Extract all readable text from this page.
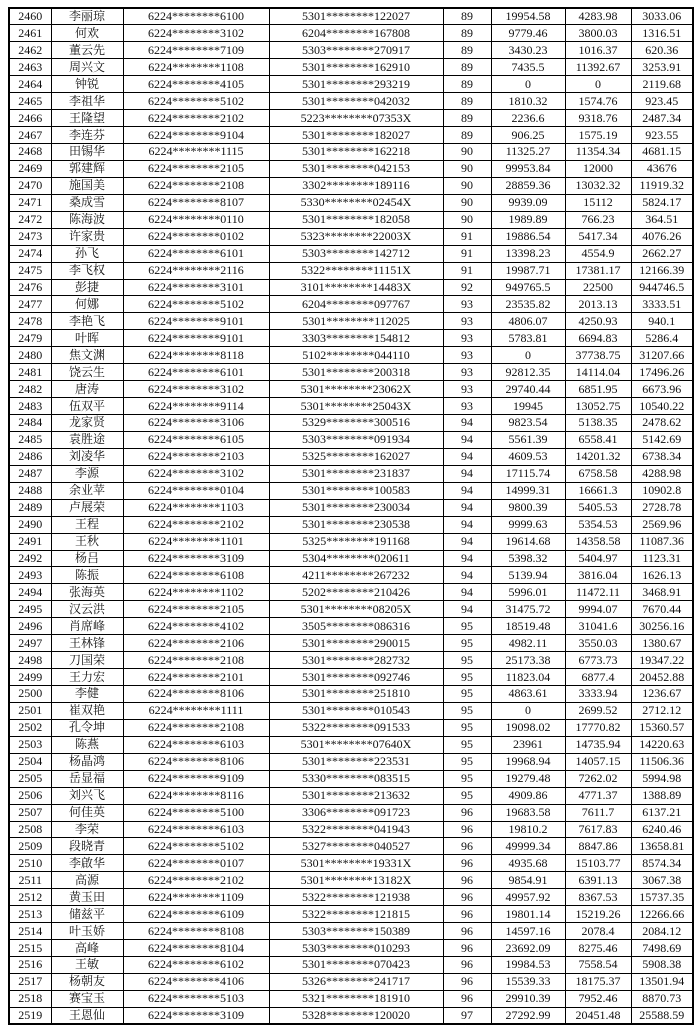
2460	李丽琼	6224********6100	5301********122027	89	19954.58	4283.98	3033.06
2461	何欢	6224********3102	6204********167808	89	9779.46	3800.03	1316.51
2462	董云先	6224********7109	5303********270917	89	3430.23	1016.37	620.36
2463	周兴文	6224********1108	5301********162910	89	7435.5	11392.67	3253.91
2464	钟锐	6224********4105	5301********293219	89	0	0	2119.68
2465	李祖华	6224********5102	5301********042032	89	1810.32	1574.76	923.45
2466	王隆望	6224********2102	5223********07353X	89	2236.6	9318.76	2487.34
2467	李连芬	6224********9104	5301********182027	89	906.25	1575.19	923.55
2468	田锡华	6224********1115	5301********162218	90	11325.27	11354.34	4681.15
2469	郭建辉	6224********2105	5301********042153	90	99953.84	12000	43676
2470	施国美	6224********2108	3302********189116	90	28859.36	13032.32	11919.32
2471	桑成雪	6224********8107	5330********02454X	90	9939.09	15112	5824.17
2472	陈海波	6224********0110	5301********182058	90	1989.89	766.23	364.51
2473	许家贵	6224********0102	5323********22003X	91	19886.54	5417.34	4076.26
2474	孙飞	6224********6101	5303********142712	91	13398.23	4554.9	2662.27
2475	李飞权	6224********2116	5322********11151X	91	19987.71	17381.17	12166.39
2476	彭捷	6224********3101	3101********14483X	92	949765.5	22500	944746.5
2477	何娜	6224********5102	6204********097767	93	23535.82	2013.13	3333.51
2478	李艳飞	6224********9101	5301********112025	93	4806.07	4250.93	940.1
2479	叶晖	6224********9101	3303********154812	93	5783.81	6694.83	5286.4
2480	焦文渊	6224********8118	5102********044110	93	0	37738.75	31207.66
2481	饶云生	6224********6101	5301********200318	93	92812.35	14114.04	17496.26
2482	唐涛	6224********3102	5301********23062X	93	29740.44	6851.95	6673.96
2483	伍双平	6224********9114	5301********25043X	93	19945	13052.75	10540.22
2484	龙家贤	6224********3106	5329********300516	94	9823.54	5138.35	2478.62
2485	袁胜途	6224********6105	5303********091934	94	5561.39	6558.41	5142.69
2486	刘凌华	6224********2103	5325********162027	94	4609.53	14201.32	6738.34
2487	李源	6224********3102	5301********231837	94	17115.74	6758.58	4288.98
2488	余业苹	6224********0104	5301********100583	94	14999.31	16661.3	10902.8
2489	卢展荣	6224********1103	5301********230034	94	9800.39	5405.53	2728.78
2490	王程	6224********2102	5301********230538	94	9999.63	5354.53	2569.96
2491	王秋	6224********1101	5325********191168	94	19614.68	14358.58	11087.36
2492	杨吕	6224********3109	5304********020611	94	5398.32	5404.97	1123.31
2493	陈振	6224********6108	4211********267232	94	5139.94	3816.04	1626.13
2494	张海英	6224********1102	5202********210426	94	5996.01	11472.11	3468.91
2495	汉云洪	6224********2105	5301********08205X	94	31475.72	9994.07	7670.44
2496	肖席峰	6224********4102	3505********086316	95	18519.48	31041.6	30256.16
2497	王林锋	6224********2106	5301********290015	95	4982.11	3550.03	1380.67
2498	刀国荣	6224********2108	5301********282732	95	25173.38	6773.73	19347.22
2499	王力宏	6224********2101	5301********092746	95	11823.04	6877.4	20452.88
2500	李健	6224********8106	5301********251810	95	4863.61	3333.94	1236.67
2501	崔双艳	6224********1111	5301********010543	95	0	2699.52	2712.12
2502	孔令坤	6224********2108	5322********091533	95	19098.02	17770.82	15360.57
2503	陈燕	6224********6103	5301********07640X	95	23961	14735.94	14220.63
2504	杨晶鸿	6224********8106	5301********223531	95	19968.94	14057.15	11506.36
2505	岳显福	6224********9109	5330********083515	95	19279.48	7262.02	5994.98
2506	刘兴飞	6224********8116	5301********213632	95	4909.86	4771.37	1388.89
2507	何佳英	6224********5100	3306********091723	96	19683.58	7611.7	6137.21
2508	李荣	6224********6103	5322********041943	96	19810.2	7617.83	6240.46
2509	段晓青	6224********5102	5327********040527	96	49999.34	8847.86	13658.81
2510	李啟华	6224********0107	5301********19331X	96	4935.68	15103.77	8574.34
2511	高源	6224********2102	5301********13182X	96	9854.91	6391.13	3067.38
2512	黄玉田	6224********1109	5322********121938	96	49957.92	8367.53	15737.35
2513	储兹平	6224********6109	5322********121815	96	19801.14	15219.26	12266.66
2514	叶玉娇	6224********8108	5303********150389	96	14597.16	2078.4	2084.12
2515	高峰	6224********8104	5303********010293	96	23692.09	8275.46	7498.69
2516	王敏	6224********6102	5301********070423	96	19984.53	7558.54	5908.38
2517	杨朝友	6224********4106	5326********241717	96	15539.33	18175.37	13501.94
2518	赛宝玉	6224********5103	5321********181910	96	29910.39	7952.46	8870.73
2519	王恩仙	6224********3109	5328********120020	97	27292.99	20451.48	25588.59
